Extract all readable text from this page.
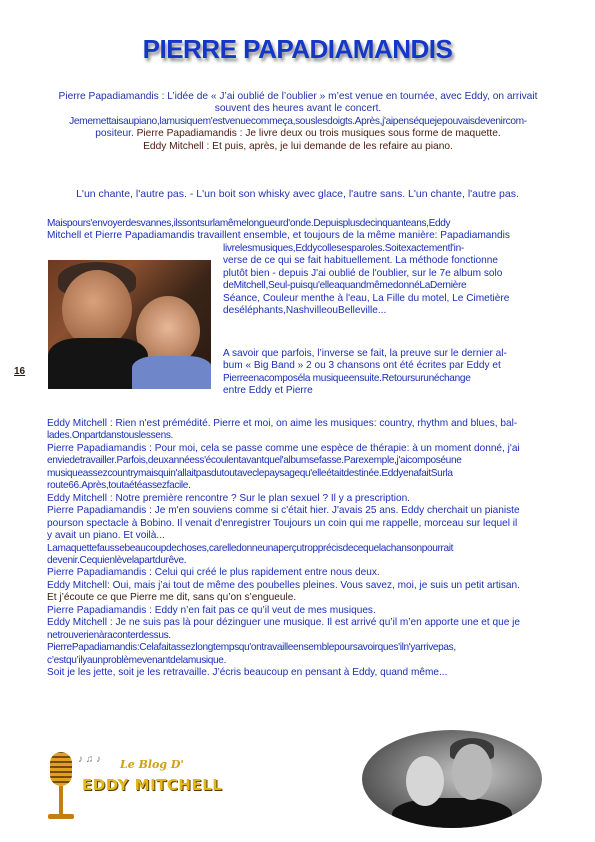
PIERRE PAPADIAMANDIS
Pierre Papadiamandis : L’idée de « J’ai oublié de l’oublier » m’est venue en tournée, avec Eddy, on arrivait
souvent des heures avant le concert.
Jememettaisaupiano,lamusiquem'estvenuecommeça,souslesdoigts.Après,j'aipenséquejepouvaisdevenircom-
positeur. Pierre Papadiamandis : Je livre deux ou trois musiques sous forme de maquette.
Eddy Mitchell : Et puis, après, je lui demande de les refaire au piano.
L'un chante, l'autre pas. - L'un boit son whisky avec glace, l'autre sans. L'un chante, l'autre pas.

Maispours'envoyerdesvannes,ilssontsurlamêmelongueurd'onde.Depuisplusdecinquanteans,Eddy

Mitchell et Pierre Papadiamandis travaillent ensemble, et toujours de la même manière: Papadiamandis

livrelesmusiques,Eddycollesesparoles.Soitexactementl'in-

verse de ce qui se fait habituellement. La méthode fonctionne

plutôt bien - depuis J'ai oublié de l'oublier, sur le 7e album solo

deMitchell,Seul-puisqu'elleaquandmêmedonnéLaDernière

Séance, Couleur menthe à l'eau, La Fille du motel, Le Cimetière

deséléphants,NashvilleouBelleville...

A savoir que parfois, l’inverse se fait, la preuve sur le dernier al-

bum « Big Band » 2 ou 3 chansons ont été écrites par Eddy et

Pierreenacomposéla musiqueensuite.Retoursurunéchange

entre Eddy et Pierre

16

Eddy Mitchell : Rien n'est prémédité. Pierre et moi, on aime les musiques: country, rhythm and blues, bal-

lades.Onpartdanstouslessens.

Pierre Papadiamandis : Pour moi, cela se passe comme une espèce de thérapie: à un moment donné, j'ai

enviedetravailler.Parfois,deuxannéess'écoulentavantquel'albumsefasse.Parexemple,j'aicomposéune

musiqueassezcountrymaisquin'allaitpasdutoutaveclepaysagequ'elleétaitdestinée.EddyenafaitSurla

route66.Après,toutaétéassezfacile.

Eddy Mitchell : Notre première rencontre ? Sur le plan sexuel ? Il y a prescription.

Pierre Papadiamandis : Je m'en souviens comme si c'était hier. J'avais 25 ans. Eddy cherchait un pianiste

pourson spectacle à Bobino. Il venait d'enregistrer Toujours un coin qui me rappelle, morceau sur lequel il

y avait un piano. Et voilà...

Lamaquettefaussebeaucoupdechoses,carelledonneunaperçutropprécisdecequelachansonpourrait

devenir.Cequienlèvelapartdurêve.

Pierre Papadiamandis : Celui qui créé le plus rapidement entre nous deux.

Eddy Mitchell: Oui, mais j’ai tout de même des poubelles pleines. Vous savez, moi, je suis un petit artisan.

Et j’écoute ce que Pierre me dit, sans qu’on s’engueule.

Pierre Papadiamandis : Eddy n’en fait pas ce qu’il veut de mes musiques.

Eddy Mitchell : Je ne suis pas là pour dézinguer une musique. Il est arrivé qu’il m’en apporte une et que je

netrouverienàraconterdessus.

PierrePapadiamandis:Celafaitassezlongtempsqu'ontravailleensemblepoursavoirques'iln'yarrivepas,

c’estqu’ilyaunproblèmevenantdelamusique.

Soit je les jette, soit je les retravaille. J’écris beaucoup en pensant à Eddy, quand même...

♪ ♫ ♪ Le Blog D'
EDDY MITCHELL
